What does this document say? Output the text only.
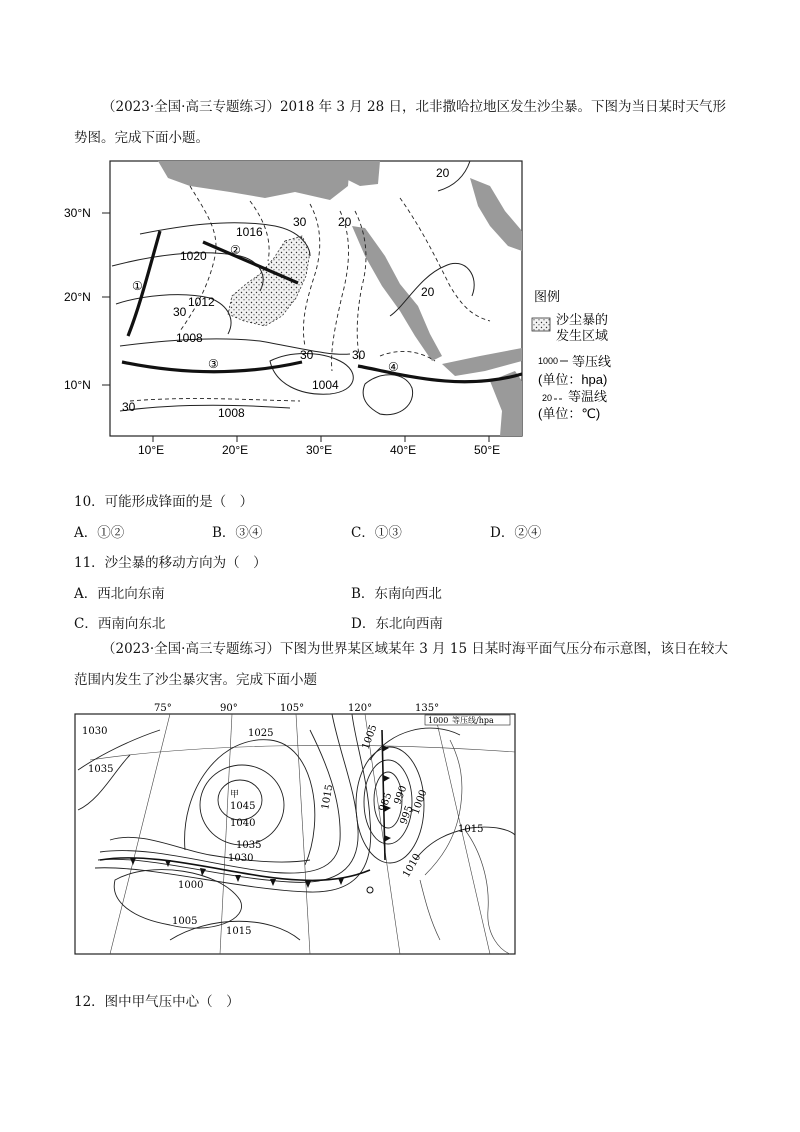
（2023·全国·高三专题练习）2018 年 3 月 28 日，北非撒哈拉地区发生沙尘暴。下图为当日某时天气形势图。完成下面小题。
30°N
20°N
10°N
10°E	20°E	30°E	40°E	50°E
1016
1020
1012
1008
1004
1008
20
30
20
20
30
30	30
30
①
②
③	④
图例
沙尘暴的
发生区域
1000 等压线
(单位：hpa)
20 等温线
(单位：℃)
10．可能形成锋面的是（　）
A．①②	B．③④	C．①③	D．②④
11．沙尘暴的移动方向为（　）
A．西北向东南	B．东南向西北
C．西南向东北	D．东北向西南
（2023·全国·高三专题练习）下图为世界某区域某年 3 月 15 日某时海平面气压分布示意图，该日在较大范围内发生了沙尘暴灾害。完成下面小题
75°	90°	105°	120°	135°
1000 等压线/hpa
1030
1035
1025
甲
1045
1040
1035
1030
1015
1005
985
990
995
1000
1010
1015
1000
1005
1015
12．图中甲气压中心（　）
